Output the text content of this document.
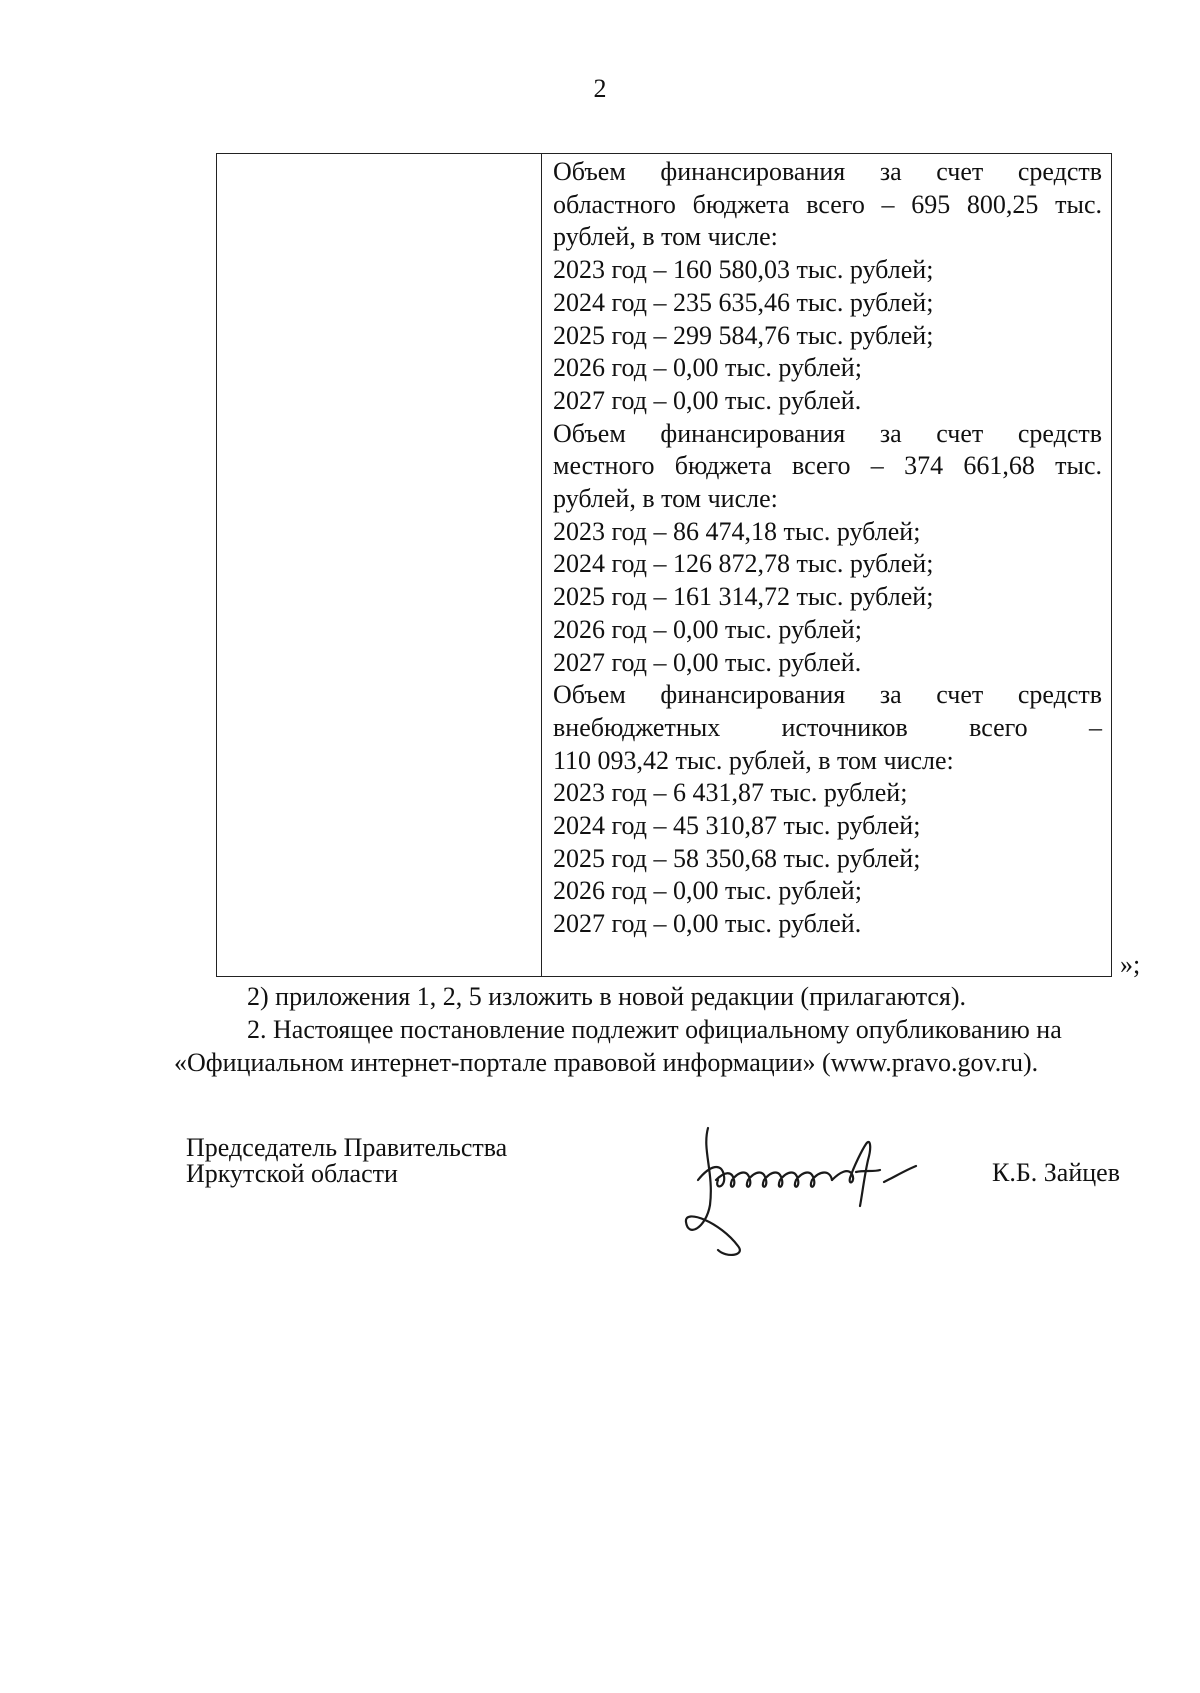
2
Объем финансирования за счет средств
областного бюджета всего – 695 800,25 тыс.
рублей, в том числе:
2023 год – 160 580,03 тыс. рублей;
2024 год – 235 635,46 тыс. рублей;
2025 год – 299 584,76 тыс. рублей;
2026 год – 0,00 тыс. рублей;
2027 год – 0,00 тыс. рублей.
Объем финансирования за счет средств
местного бюджета всего – 374 661,68 тыс.
рублей, в том числе:
2023 год – 86 474,18 тыс. рублей;
2024 год – 126 872,78 тыс. рублей;
2025 год – 161 314,72 тыс. рублей;
2026 год – 0,00 тыс. рублей;
2027 год – 0,00 тыс. рублей.
Объем финансирования за счет средств
внебюджетных источников всего –
110 093,42 тыс. рублей, в том числе:
2023 год – 6 431,87 тыс. рублей;
2024 год – 45 310,87 тыс. рублей;
2025 год – 58 350,68 тыс. рублей;
2026 год – 0,00 тыс. рублей;
2027 год – 0,00 тыс. рублей.
»;
2) приложения 1, 2, 5 изложить в новой редакции (прилагаются).
2. Настоящее постановление подлежит официальному опубликованию на
«Официальном интернет-портале правовой информации» (www.pravo.gov.ru).
Председатель Правительства
Иркутской области	К.Б. Зайцев
